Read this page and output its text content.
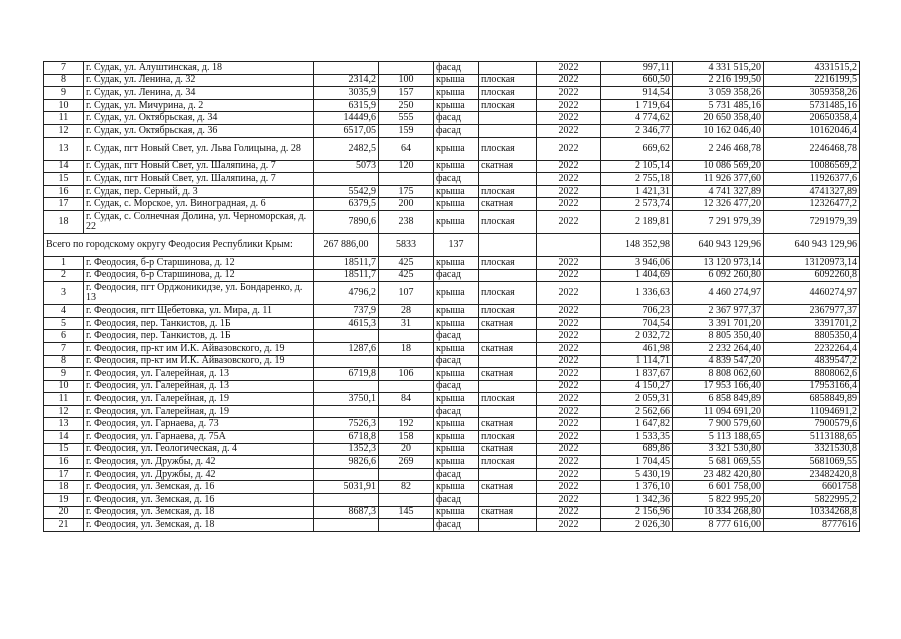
7	г. Судак, ул. Алуштинская, д. 18			фасад		2022	997,11	4 331 515,20	4331515,2
8	г. Судак, ул. Ленина, д. 32	2314,2	100	крыша	плоская	2022	660,50	2 216 199,50	2216199,5
9	г. Судак, ул. Ленина, д. 34	3035,9	157	крыша	плоская	2022	914,54	3 059 358,26	3059358,26
10	г. Судак, ул. Мичурина, д. 2	6315,9	250	крыша	плоская	2022	1 719,64	5 731 485,16	5731485,16
11	г. Судак, ул. Октябрьская, д. 34	14449,6	555	фасад		2022	4 774,62	20 650 358,40	20650358,4
12	г. Судак, ул. Октябрьская, д. 36	6517,05	159	фасад		2022	2 346,77	10 162 046,40	10162046,4
13	г. Судак, пгт Новый Свет, ул. Льва Голицына, д. 28	2482,5	64	крыша	плоская	2022	669,62	2 246 468,78	2246468,78
14	г. Судак, пгт Новый Свет, ул. Шаляпина, д. 7	5073	120	крыша	скатная	2022	2 105,14	10 086 569,20	10086569,2
15	г. Судак, пгт Новый Свет, ул. Шаляпина, д. 7			фасад		2022	2 755,18	11 926 377,60	11926377,6
16	г. Судак, пер. Серный, д. 3	5542,9	175	крыша	плоская	2022	1 421,31	4 741 327,89	4741327,89
17	г. Судак, с. Морское, ул. Виноградная, д. 6	6379,5	200	крыша	скатная	2022	2 573,74	12 326 477,20	12326477,2
18	г. Судак, с. Солнечная Долина, ул. Черноморская, д. 22	7890,6	238	крыша	плоская	2022	2 189,81	7 291 979,39	7291979,39
Всего по городскому округу Феодосия Республики Крым:		267 886,00	5833	137			148 352,98	640 943 129,96	640 943 129,96
1	г. Феодосия, б-р Старшинова, д. 12	18511,7	425	крыша	плоская	2022	3 946,06	13 120 973,14	13120973,14
2	г. Феодосия, б-р Старшинова, д. 12	18511,7	425	фасад		2022	1 404,69	6 092 260,80	6092260,8
3	г. Феодосия, пгт Орджоникидзе, ул. Бондаренко, д. 13	4796,2	107	крыша	плоская	2022	1 336,63	4 460 274,97	4460274,97
4	г. Феодосия, пгт Щебетовка, ул. Мира, д. 11	737,9	28	крыша	плоская	2022	706,23	2 367 977,37	2367977,37
5	г. Феодосия, пер. Танкистов, д. 1Б	4615,3	31	крыша	скатная	2022	704,54	3 391 701,20	3391701,2
6	г. Феодосия, пер. Танкистов, д. 1Б			фасад		2022	2 032,72	8 805 350,40	8805350,4
7	г. Феодосия, пр-кт им И.К. Айвазовского, д. 19	1287,6	18	крыша	скатная	2022	461,98	2 232 264,40	2232264,4
8	г. Феодосия, пр-кт им И.К. Айвазовского, д. 19			фасад		2022	1 114,71	4 839 547,20	4839547,2
9	г. Феодосия, ул. Галерейная, д. 13	6719,8	106	крыша	скатная	2022	1 837,67	8 808 062,60	8808062,6
10	г. Феодосия, ул. Галерейная, д. 13			фасад		2022	4 150,27	17 953 166,40	17953166,4
11	г. Феодосия, ул. Галерейная, д. 19	3750,1	84	крыша	плоская	2022	2 059,31	6 858 849,89	6858849,89
12	г. Феодосия, ул. Галерейная, д. 19			фасад		2022	2 562,66	11 094 691,20	11094691,2
13	г. Феодосия, ул. Гарнаева, д. 73	7526,3	192	крыша	скатная	2022	1 647,82	7 900 579,60	7900579,6
14	г. Феодосия, ул. Гарнаева, д. 75А	6718,8	158	крыша	плоская	2022	1 533,35	5 113 188,65	5113188,65
15	г. Феодосия, ул. Геологическая, д. 4	1352,3	20	крыша	скатная	2022	689,86	3 321 530,80	3321530,8
16	г. Феодосия, ул. Дружбы, д. 42	9826,6	269	крыша	плоская	2022	1 704,45	5 681 069,55	5681069,55
17	г. Феодосия, ул. Дружбы, д. 42			фасад		2022	5 430,19	23 482 420,80	23482420,8
18	г. Феодосия, ул. Земская, д. 16	5031,91	82	крыша	скатная	2022	1 376,10	6 601 758,00	6601758
19	г. Феодосия, ул. Земская, д. 16			фасад		2022	1 342,36	5 822 995,20	5822995,2
20	г. Феодосия, ул. Земская, д. 18	8687,3	145	крыша	скатная	2022	2 156,96	10 334 268,80	10334268,8
21	г. Феодосия, ул. Земская, д. 18			фасад		2022	2 026,30	8 777 616,00	8777616
